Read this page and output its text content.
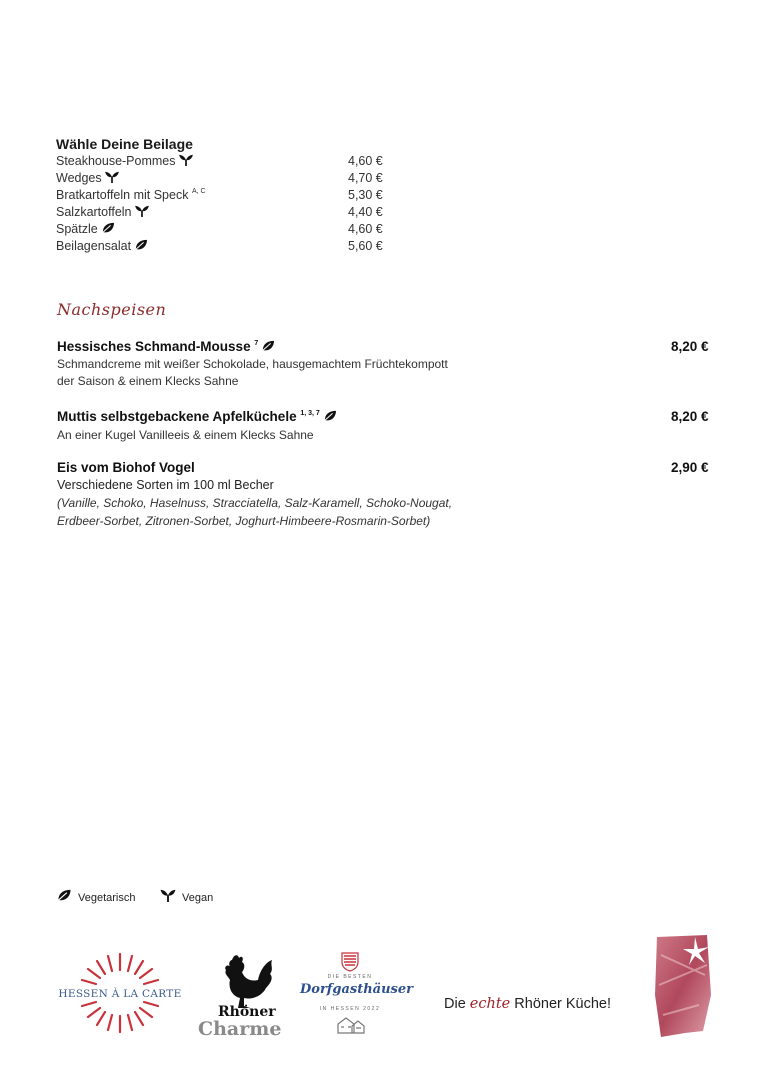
Wähle Deine Beilage
Steakhouse-Pommes	4,60 €
Wedges	4,70 €
Bratkartoffeln mit Speck $^{A, C}$	5,30 €
Salzkartoffeln	4,40 €
Spätzle	4,60 €
Beilagensalat	5,60 €
Nachspeisen
Hessisches Schmand-Mousse $^7$	8,20 €
Schmandcreme mit weißer Schokolade, hausgemachtem Früchtekompott
der Saison & einem Klecks Sahne
Muttis selbstgebackene Apfelküchele $^{1, 3, 7}$	8,20 €
An einer Kugel Vanilleeis & einem Klecks Sahne
Eis vom Biohof Vogel	2,90 €
Verschiedene Sorten im 100 ml Becher
(Vanille, Schoko, Haselnuss, Stracciatella, Salz-Karamell, Schoko-Nougat,
Erdbeer-Sorbet, Zitronen-Sorbet, Joghurt-Himbeere-Rosmarin-Sorbet)
Vegetarisch	Vegan
HESSEN À LA CARTE
Rhöner
Charme
DIE BESTEN
Dorfgasthäuser
IN HESSEN 2022	Die echte Rhöner Küche!
